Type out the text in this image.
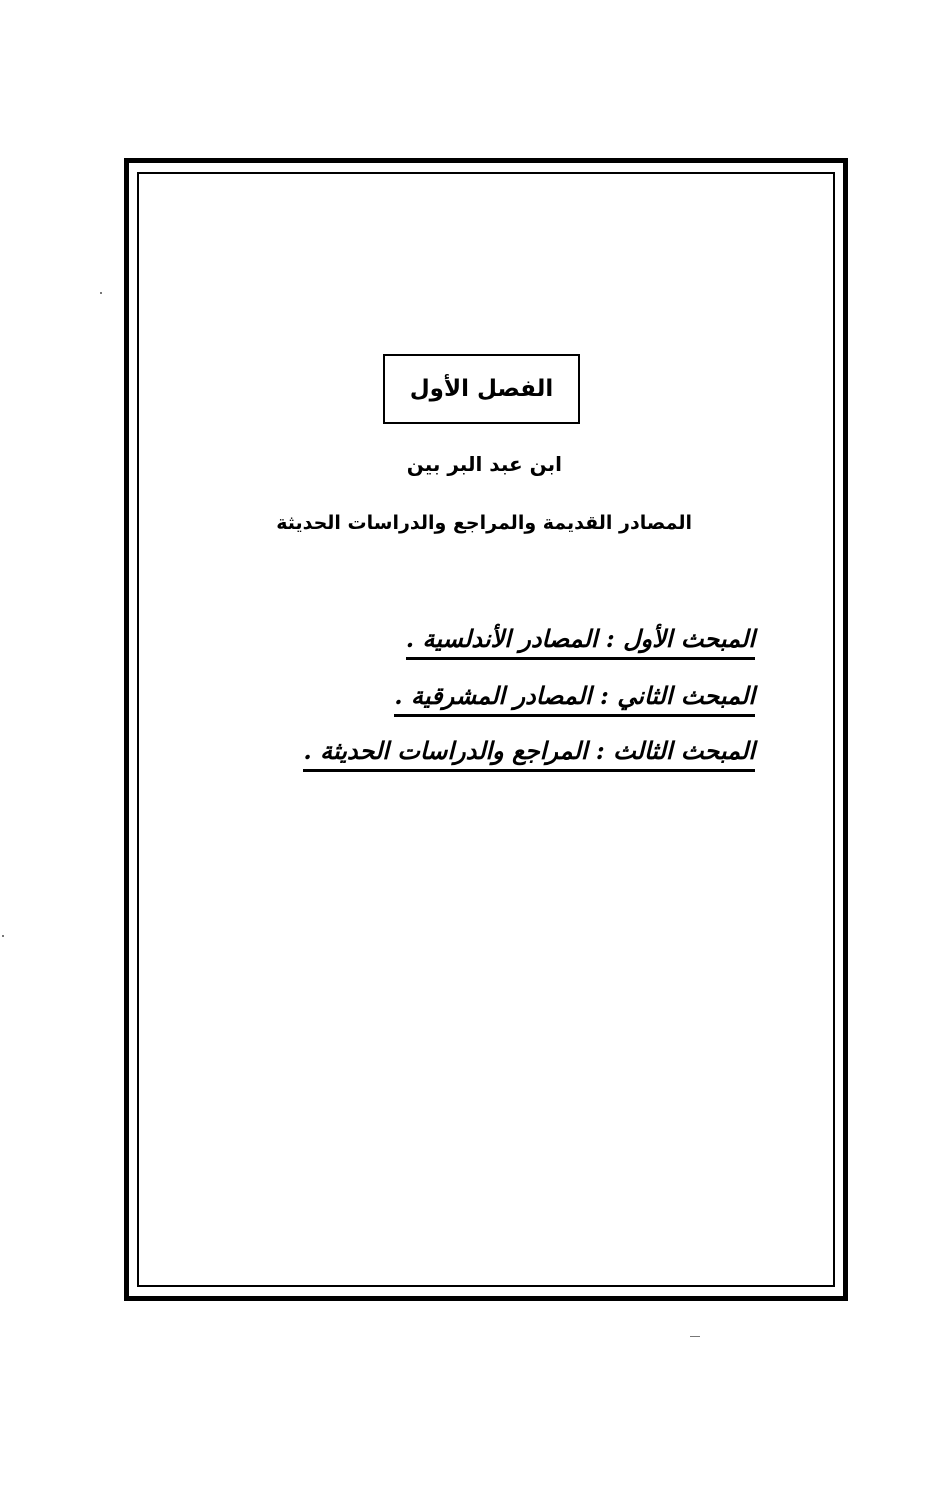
الفصل الأول
ابن عبد البر بين
المصادر القديمة والمراجع والدراسات الحديثة
المبحث الأول : المصادر الأندلسية .
المبحث الثاني : المصادر المشرقية .
المبحث الثالث : المراجع والدراسات الحديثة .
